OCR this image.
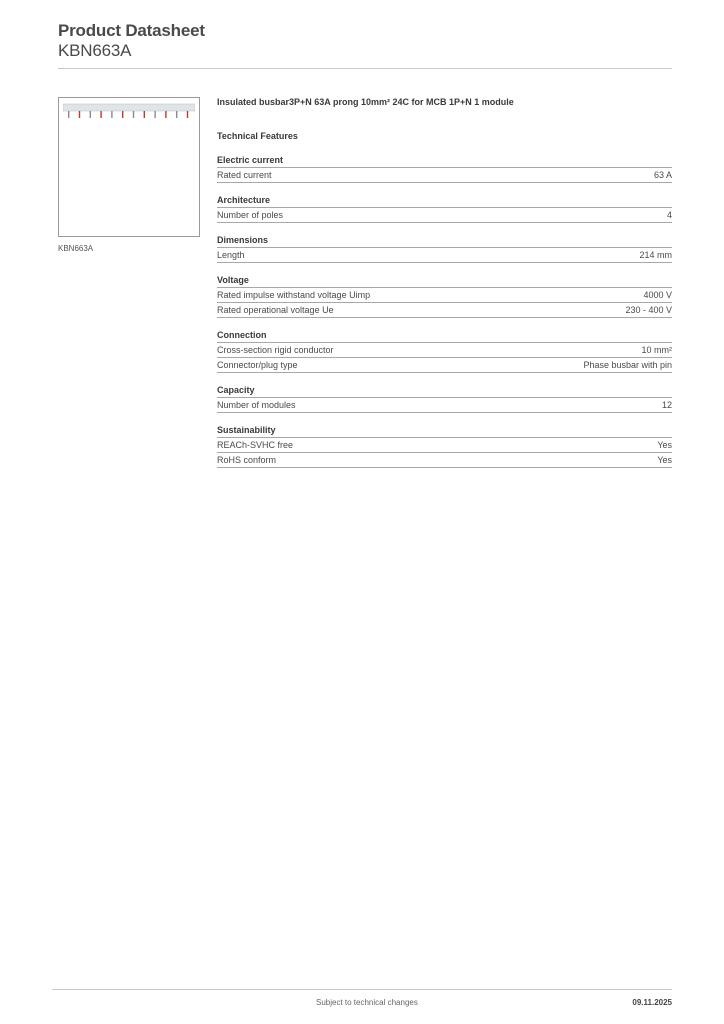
Product Datasheet
KBN663A
KBN663A
Insulated busbar3P+N 63A prong 10mm² 24C for MCB 1P+N 1 module
Technical Features
Electric current
Rated current	63 A
Architecture
Number of poles	4
Dimensions
Length	214 mm
Voltage
Rated impulse withstand voltage Uimp	4000 V
Rated operational voltage Ue	230 - 400 V
Connection
Cross-section rigid conductor	10 mm²
Connector/plug type	Phase busbar with pin
Capacity
Number of modules	12
Sustainability
REACh-SVHC free	Yes
RoHS conform	Yes
Subject to technical changes	09.11.2025
